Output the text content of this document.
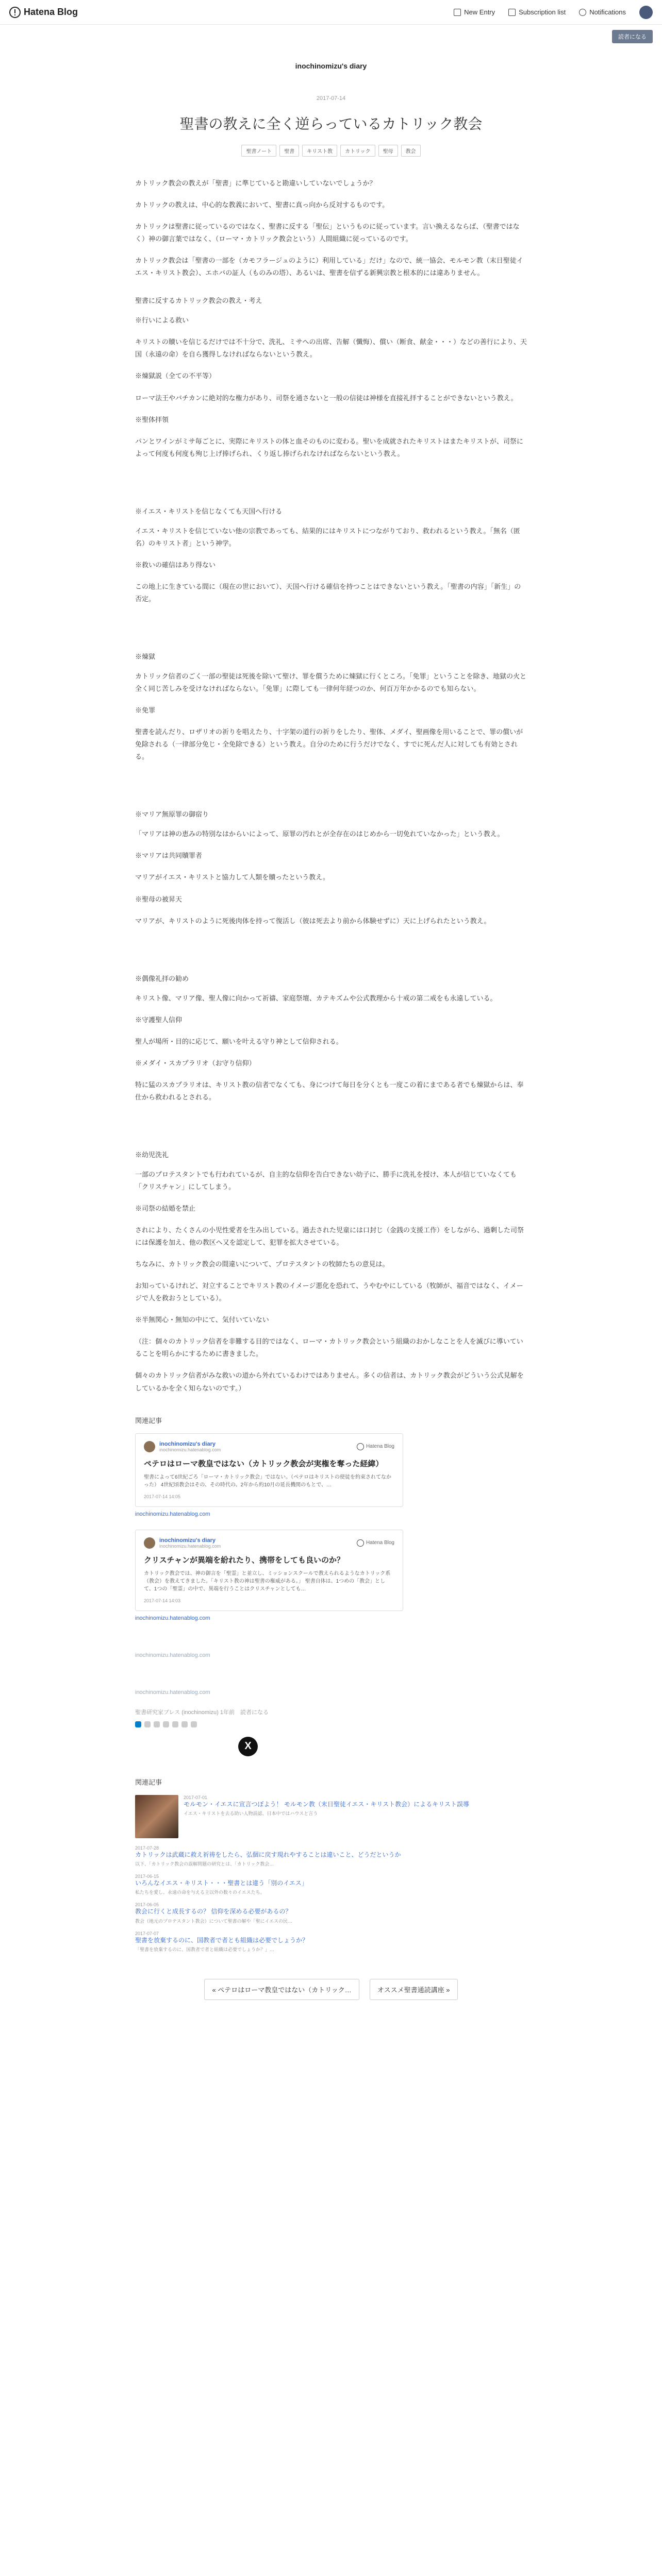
Hatena Blog	New Entry	Subscription list	Notifications
読者になる
inochinomizu's diary
2017-07-14
聖書の教えに全く逆らっているカトリック教会
聖書ノート	聖書	キリスト教	カトリック	聖母	教会

カトリック教会の教えが「聖書」に準じていると勘違いしていないでしょうか？

カトリックの教えは、中心的な教義において、聖書に真っ向から反対するものです。

カトリックは聖書に従っているのではなく、聖書に反する「聖伝」というものに従っています。言い換えるならば、（聖書ではなく）神の御言葉ではなく、（ローマ・カトリック教会という）人間組織に従っているのです。

カトリック教会は「聖書の一部を（カモフラージュのように）利用している」だけ」なので、統一協会、モルモン教（末日聖徒イエス・キリスト教会）、エホバの証人（ものみの塔）、あるいは、聖書を信ずる新興宗教と根本的には違ありません。

聖書に反するカトリック教会の教え・考え

※行いによる救い

キリストの贖いを信じるだけでは不十分で、洗礼、ミサへの出席、告解（懺悔）、償い（断食、献金・・・）などの善行により、天国（永遠の命）を自ら獲得しなければならないという教え。

※煉獄説（全ての不平等）

ローマ法王やバチカンに絶対的な権力があり、司祭を通さないと一般の信徒は神様を直接礼拝することができないという教え。

※聖体拝領

パンとワインがミサ毎ごとに、実際にキリストの体と血そのものに変わる。聖いを成就されたキリストはまたキリストが、司祭によって何度も何度も殉じ上げ捧げられ、くり返し捧げられなければならないという教え。

※イエス・キリストを信じなくても天国へ行ける

イエス・キリストを信じていない他の宗教であっても、結果的にはキリストにつながりており、救われるという教え。「無名（匿名）のキリスト者」という神学。

※救いの確信はあり得ない

この地上に生きている間に（現在の世において）、天国へ行ける確信を持つことはできないという教え。「聖書の内容」「新生」の否定。

※煉獄

カトリック信者のごく一部の聖徒は死後を除いて聖け、罪を償うために煉獄に行くところ。「免罪」ということを除き、地獄の火と全く同じ苦しみを受けなければならない。「免罪」に際しても一律何年経つのか、何百万年かかるのでも知らない。

※免罪

聖書を読んだり、ロザリオの祈りを唱えたり、十字架の道行の祈りをしたり、聖体、メダイ、聖画像を用いることで、罪の償いが免除される（一律部分免じ・全免除できる）という教え。自分のために行うだけでなく、すでに死んだ人に対しても有効とされる。

※マリア無原罪の御宿り

「マリアは神の恵みの特別なはからいによって、原罪の汚れとが全存在のはじめから一切免れていなかった」という教え。

※マリアは共同贖罪者

マリアがイエス・キリストと協力して人類を贖ったという教え。

※聖母の被昇天

マリアが、キリストのように死後肉体を持って復活し（彼は死去より前から体験せずに）天に上げられたという教え。

※偶像礼拝の勧め

キリスト像、マリア像、聖人像に向かって祈禱、家庭祭壇、カテキズムや公式教理から十戒の第二戒をも永遠している。

※守護聖人信仰

聖人が場所・目的に応じて、願いを叶える守り神として信仰される。

※メダイ・スカプラリオ（お守り信仰）

特に猛のスカプラリオは、キリスト教の信者でなくても、身につけて毎日を分くとも一度この着にまである者でも煉獄からは、奉仕から救われるとされる。

※幼児洗礼

一部のプロテスタントでも行われているが、自主的な信仰を告白できない幼子に、勝手に洗礼を授け、本人が信じていなくても「クリスチャン」にしてしまう。

※司祭の結婚を禁止

されにより、たくさんの小児性愛者を生み出している。過去された児童には口封じ（金銭の支援工作）をしながら、過剰した司祭には保護を加え、他の教区へ又を認定して、犯罪を拡大させている。

ちなみに、カトリック教会の間違いについて、プロテスタントの牧師たちの意見は。

お知っているけれど、対立することでキリスト教のイメージ悪化を恐れて、うやむやにしている（牧師が、福音ではなく、イメージで人を救おうとしている）。

※半無関心・無知の中にて、気付いていない

（注：個々のカトリック信者を非難する目的ではなく、ローマ・カトリック教会という組織のおかしなことを人を滅びに導いていることを明らかにするために書きました。

個々のカトリック信者がみな救いの道から外れているわけではありません。多くの信者は、カトリック教会がどういう公式見解をしているかを全く知らないのです。）

関連記事
inochinomizu's diary
inochinomizu.hatenablog.com
Hatena Blog
ペテロはローマ教皇ではない（カトリック教会が実権を奪った経緯）
聖書によって6世紀ごろ「ローマ・カトリック教会」ではない。（ペテロはキリストの使徒を約束されてなかった） 4世紀頃教会はその、その時代の、2年から約10月の延長機関のもとで、…
2017-07-14 14:05
inochinomizu.hatenablog.com
inochinomizu's diary
inochinomizu.hatenablog.com
Hatena Blog
クリスチャンが異端を紛れたり、携帯をしても良いのか？
カトリック教会では、神の御言を「聖霊」と並立し、ミッションスクールで教えられるようなカトリック系（教会）を教えてきました。「キリスト教の神は聖書の権威がある。」 聖書自体は、1つめの「教会」として、1つの「聖霊」の中で、異端を行うことはクリスチャンとしても…
2017-07-14 14:03
inochinomizu.hatenablog.com
inochinomizu.hatenablog.com
inochinomizu.hatenablog.com
聖書研究家ブレス (inochinomizu) 1年前　読者になる
X
関連記事
2017-07-01
モルモン・イエスに宣言つぼよう！ モルモン教（末日聖徒イエス・キリスト教会）によるキリスト誤導
イエス・キリストを去る助い人物誤認、日本中ではハウスと言う
2017-07-28
カトリックは武蔵に救え祈祷をしたら、弘個に戻す現れやすることは違いこと、どうだというか
以下、「カトリック教会の誤解問題の研究とは、「カトリック教会…
2017-06-15
いろんなイエス・キリスト・・・聖書とは違う「別のイエス」
私たちを愛し、永遠の命を与える主以外の数々のイエスたち。
2017-06-05
教会に行くと成長するの？ 信仰を深める必要があるの？
教会（地元のプロテスタント教会）について聖書の解や「聖にイエスの民…
2017-07-07
聖書を放棄するのに、国教者で者とも組織は必要でしょうか？
「聖書を放棄するのに、国教者で者と組織は必要でしょうか？」…
« ペテロはローマ教皇ではない（カトリック…	オススメ聖書通読講座 »
